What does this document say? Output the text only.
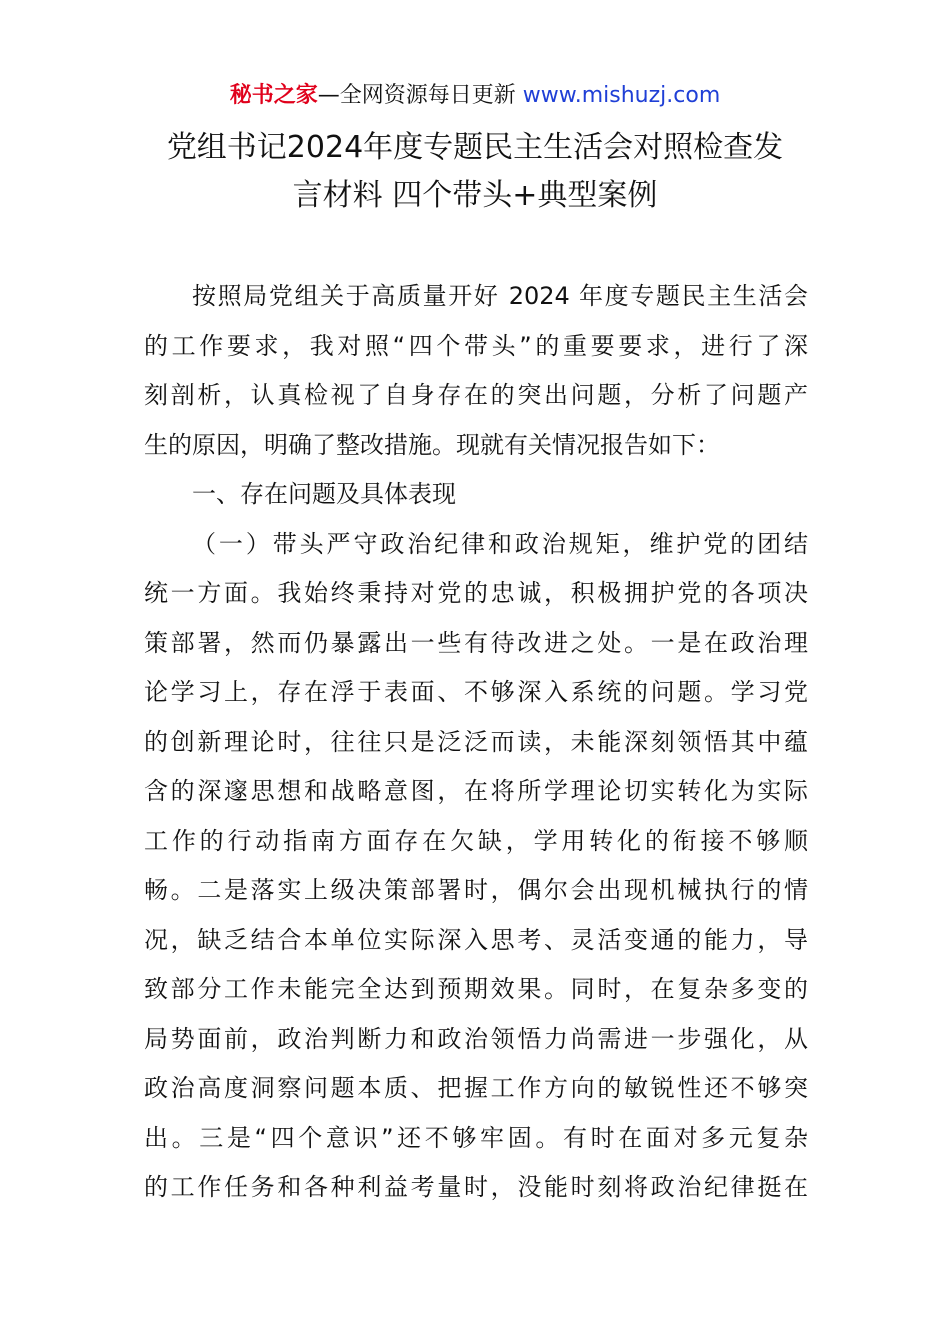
秘书之家—全网资源每日更新 www.mishuzj.com
党组书记2024年度专题民主生活会对照检查发
言材料 四个带头+典型案例
按照局党组关于高质量开好 2024 年度专题民主生活会
的工作要求，我对照“四个带头”的重要要求，进行了深
刻剖析，认真检视了自身存在的突出问题，分析了问题产
生的原因，明确了整改措施。现就有关情况报告如下：
一、存在问题及具体表现
（一）带头严守政治纪律和政治规矩，维护党的团结
统一方面。我始终秉持对党的忠诚，积极拥护党的各项决
策部署，然而仍暴露出一些有待改进之处。一是在政治理
论学习上，存在浮于表面、不够深入系统的问题。学习党
的创新理论时，往往只是泛泛而读，未能深刻领悟其中蕴
含的深邃思想和战略意图，在将所学理论切实转化为实际
工作的行动指南方面存在欠缺，学用转化的衔接不够顺
畅。二是落实上级决策部署时，偶尔会出现机械执行的情
况，缺乏结合本单位实际深入思考、灵活变通的能力，导
致部分工作未能完全达到预期效果。同时，在复杂多变的
局势面前，政治判断力和政治领悟力尚需进一步强化，从
政治高度洞察问题本质、把握工作方向的敏锐性还不够突
出。三是“四个意识”还不够牢固。有时在面对多元复杂
的工作任务和各种利益考量时，没能时刻将政治纪律挺在
